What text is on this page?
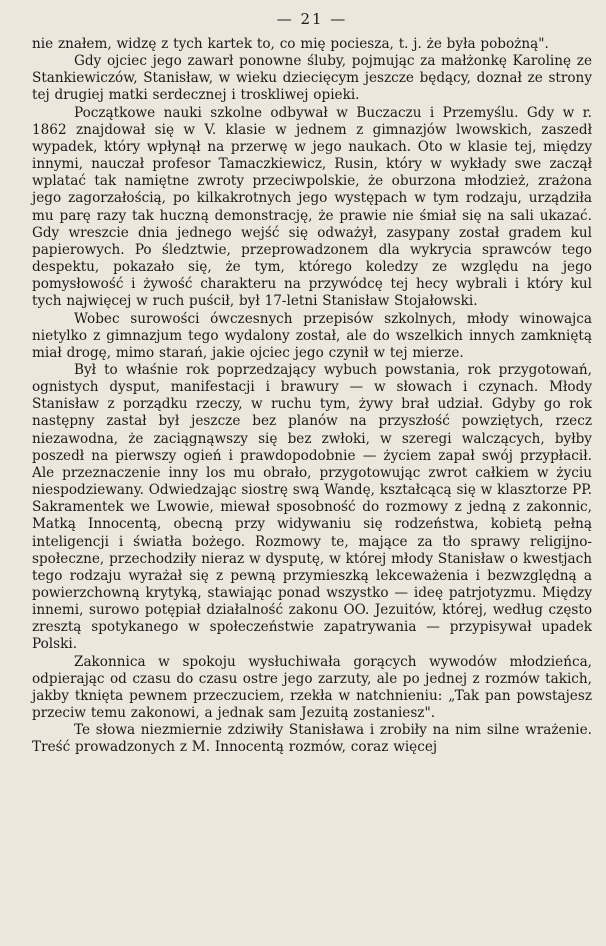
— 21 —

nie znałem, widzę z tych kartek to, co mię pociesza, t. j. że była pobożną".

Gdy ojciec jego zawarł ponowne śluby, pojmując za małżonkę Karolinę ze Stankiewiczów, Stanisław, w wieku dziecięcym jeszcze będący, doznał ze strony tej drugiej matki serdecznej i troskliwej opieki.

Początkowe nauki szkolne odbywał w Buczaczu i Przemyślu. Gdy w r. 1862 znajdował się w V. klasie w jednem z gimnazjów lwowskich, zaszedł wypadek, który wpłynął na przerwę w jego naukach. Oto w klasie tej, między innymi, nauczał profesor Tamaczkiewicz, Rusin, który w wykłady swe zaczął wplatać tak namiętne zwroty przeciwpolskie, że oburzona młodzież, zrażona jego zagorzałością, po kilkakrotnych jego występach w tym rodzaju, urządziła mu parę razy tak huczną demonstrację, że prawie nie śmiał się na sali ukazać. Gdy wreszcie dnia jednego wejść się odważył, zasypany został gradem kul papierowych. Po śledztwie, przeprowadzonem dla wykrycia sprawców tego despektu, pokazało się, że tym, którego koledzy ze względu na jego pomysłowość i żywość charakteru na przywódcę tej hecy wybrali i który kul tych najwięcej w ruch puścił, był 17-letni Stanisław Stojałowski.

Wobec surowości ówczesnych przepisów szkolnych, młody winowajca nietylko z gimnazjum tego wydalony został, ale do wszelkich innych zamkniętą miał drogę, mimo starań, jakie ojciec jego czynił w tej mierze.

Był to właśnie rok poprzedzający wybuch powstania, rok przygotowań, ognistych dysput, manifestacji i brawury — w słowach i czynach. Młody Stanisław z porządku rzeczy, w ruchu tym, żywy brał udział. Gdyby go rok następny zastał był jeszcze bez planów na przyszłość powziętych, rzecz niezawodna, że zaciągnąwszy się bez zwłoki, w szeregi walczących, byłby poszedł na pierwszy ogień i prawdopodobnie — życiem zapał swój przypłacił. Ale przeznaczenie inny los mu obrało, przygotowując zwrot całkiem w życiu niespodziewany. Odwiedzając siostrę swą Wandę, kształcącą się w klasztorze PP. Sakramentek we Lwowie, miewał sposobność do rozmowy z jedną z zakonnic, Matką Innocentą, obecną przy widywaniu się rodzeństwa, kobietą pełną inteligencji i światła bożego. Rozmowy te, mające za tło sprawy religijno-społeczne, przechodziły nieraz w dysputę, w której młody Stanisław o kwestjach tego rodzaju wyrażał się z pewną przymieszką lekceważenia i bezwzględną a powierzchowną krytyką, stawiając ponad wszystko — ideę patrjotyzmu. Między innemi, surowo potępiał działalność zakonu OO. Jezuitów, której, według często zresztą spotykanego w społeczeństwie zapatrywania — przypisywał upadek Polski.

Zakonnica w spokoju wysłuchiwała gorących wywodów młodzieńca, odpierając od czasu do czasu ostre jego zarzuty, ale po jednej z rozmów takich, jakby tknięta pewnem przeczuciem, rzekła w natchnieniu: „Tak pan powstajesz przeciw temu zakonowi, a jednak sam Jezuitą zostaniesz".

Te słowa niezmiernie zdziwiły Stanisława i zrobiły na nim silne wrażenie. Treść prowadzonych z M. Innocentą rozmów, coraz więcej
